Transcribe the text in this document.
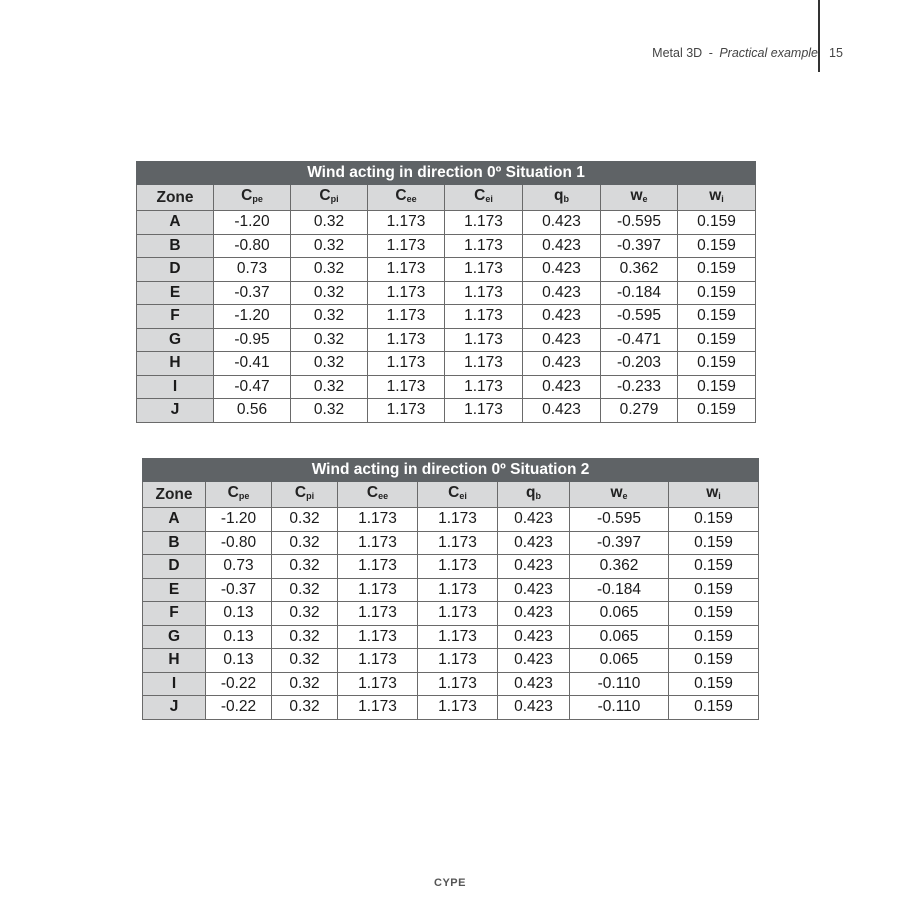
Metal 3D - Practical example 15
Wind acting in direction 0º Situation 1							
Zone	$C_{pe}$	$C_{pi}$	$C_{ee}$	$C_{ei}$	$q_b$	$w_e$	$w_i$
A	-1.20	0.32	1.173	1.173	0.423	-0.595	0.159
B	-0.80	0.32	1.173	1.173	0.423	-0.397	0.159
D	0.73	0.32	1.173	1.173	0.423	0.362	0.159
E	-0.37	0.32	1.173	1.173	0.423	-0.184	0.159
F	-1.20	0.32	1.173	1.173	0.423	-0.595	0.159
G	-0.95	0.32	1.173	1.173	0.423	-0.471	0.159
H	-0.41	0.32	1.173	1.173	0.423	-0.203	0.159
I	-0.47	0.32	1.173	1.173	0.423	-0.233	0.159
J	0.56	0.32	1.173	1.173	0.423	0.279	0.159
Wind acting in direction 0º Situation 2							
Zone	$C_{pe}$	$C_{pi}$	$C_{ee}$	$C_{ei}$	$q_b$	$w_e$	$w_i$
A	-1.20	0.32	1.173	1.173	0.423	-0.595	0.159
B	-0.80	0.32	1.173	1.173	0.423	-0.397	0.159
D	0.73	0.32	1.173	1.173	0.423	0.362	0.159
E	-0.37	0.32	1.173	1.173	0.423	-0.184	0.159
F	0.13	0.32	1.173	1.173	0.423	0.065	0.159
G	0.13	0.32	1.173	1.173	0.423	0.065	0.159
H	0.13	0.32	1.173	1.173	0.423	0.065	0.159
I	-0.22	0.32	1.173	1.173	0.423	-0.110	0.159
J	-0.22	0.32	1.173	1.173	0.423	-0.110	0.159
CYPE
